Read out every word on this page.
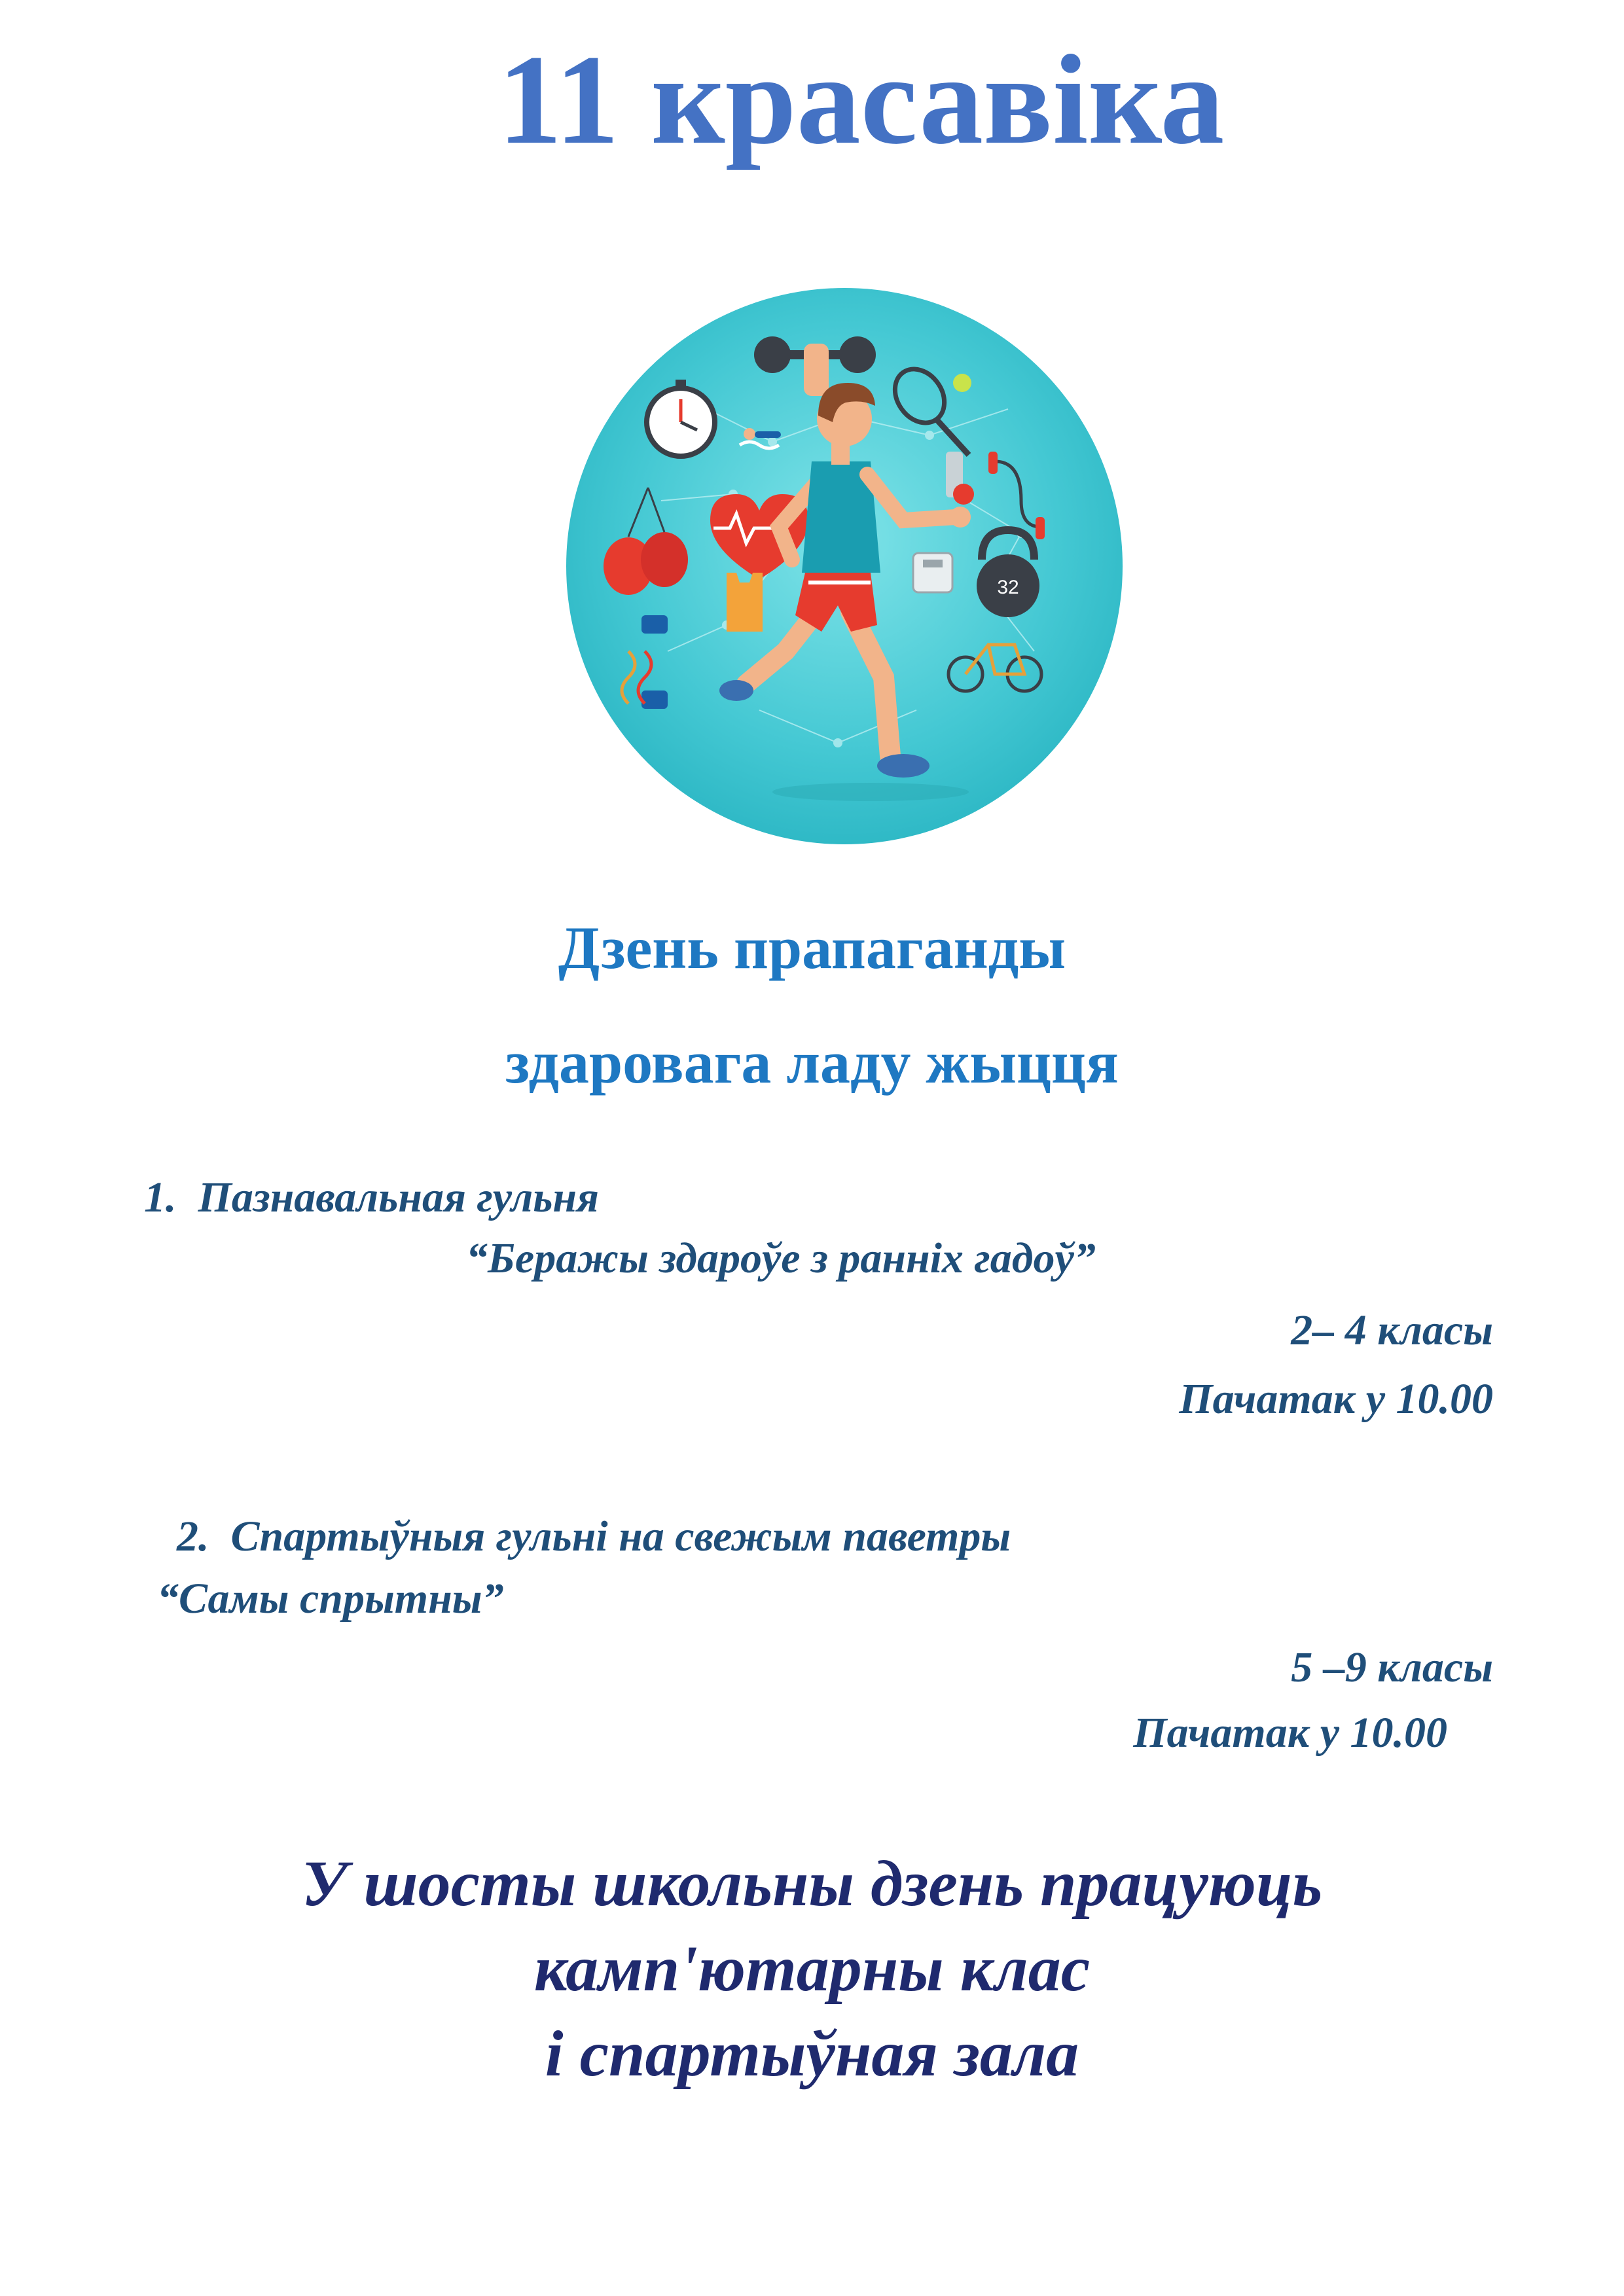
11 красавіка
32
Дзень прапаганды
здаровага ладу жыцця
1. Пазнавальная гульня
“Беражы здароўе з ранніх гадоў”
2– 4 класы
Пачатак у 10.00
2. Спартыўныя гульні на свежым паветры
“Самы спрытны”
5 –9 класы
Пачатак у 10.00
У шосты школьны дзень працуюць
камп'ютарны клас
і спартыўная зала
